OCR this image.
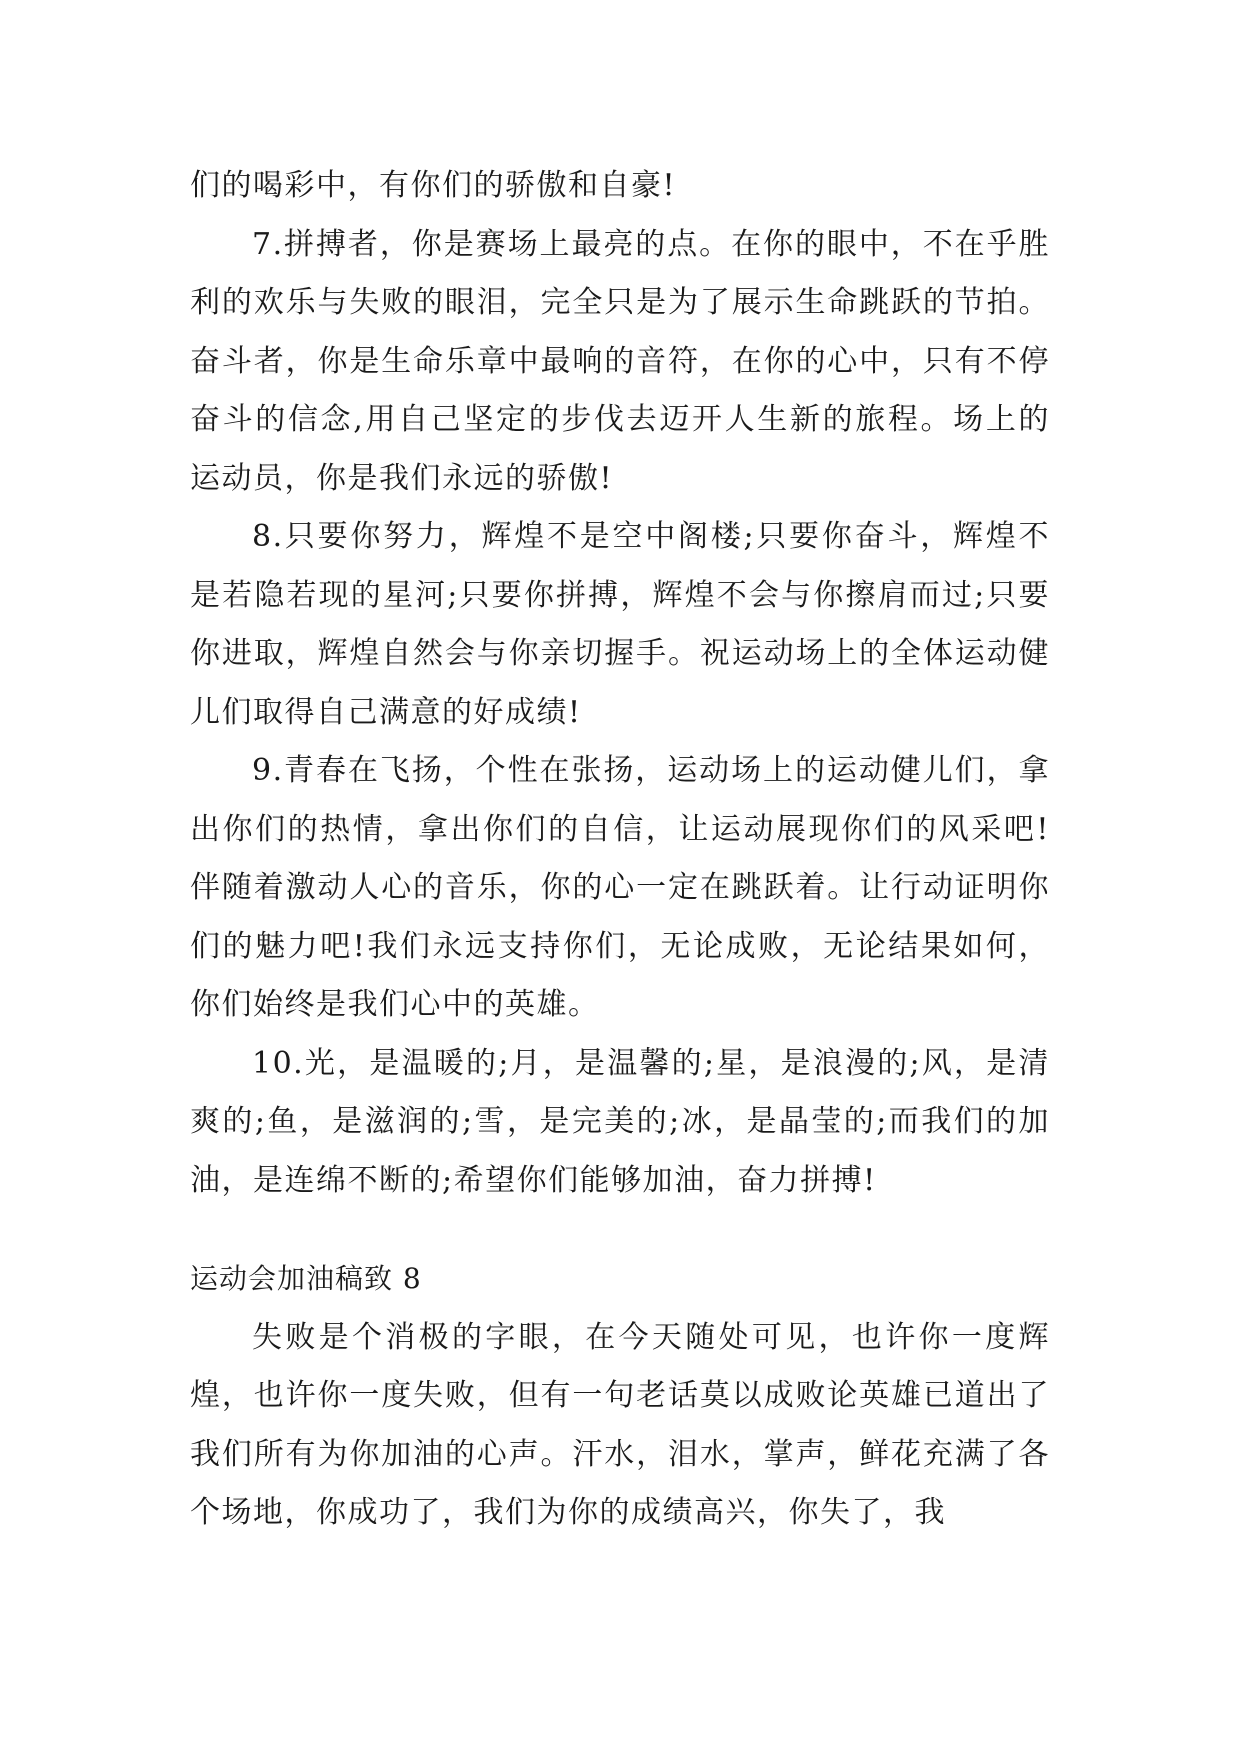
们的喝彩中，有你们的骄傲和自豪!

7.拼搏者，你是赛场上最亮的点。在你的眼中，不在乎胜利的欢乐与失败的眼泪，完全只是为了展示生命跳跃的节拍。奋斗者，你是生命乐章中最响的音符，在你的心中，只有不停奋斗的信念,用自己坚定的步伐去迈开人生新的旅程。场上的运动员，你是我们永远的骄傲!

8.只要你努力，辉煌不是空中阁楼;只要你奋斗，辉煌不是若隐若现的星河;只要你拼搏，辉煌不会与你擦肩而过;只要你进取，辉煌自然会与你亲切握手。祝运动场上的全体运动健儿们取得自己满意的好成绩!

9.青春在飞扬，个性在张扬，运动场上的运动健儿们，拿出你们的热情，拿出你们的自信，让运动展现你们的风采吧!伴随着激动人心的音乐，你的心一定在跳跃着。让行动证明你们的魅力吧!我们永远支持你们，无论成败，无论结果如何，你们始终是我们心中的英雄。

10.光，是温暖的;月，是温馨的;星，是浪漫的;风，是清爽的;鱼，是滋润的;雪，是完美的;冰，是晶莹的;而我们的加油，是连绵不断的;希望你们能够加油，奋力拼搏!

运动会加油稿致 8

失败是个消极的字眼，在今天随处可见，也许你一度辉煌，也许你一度失败，但有一句老话莫以成败论英雄已道出了我们所有为你加油的心声。汗水，泪水，掌声，鲜花充满了各个场地，你成功了，我们为你的成绩高兴，你失了，我
